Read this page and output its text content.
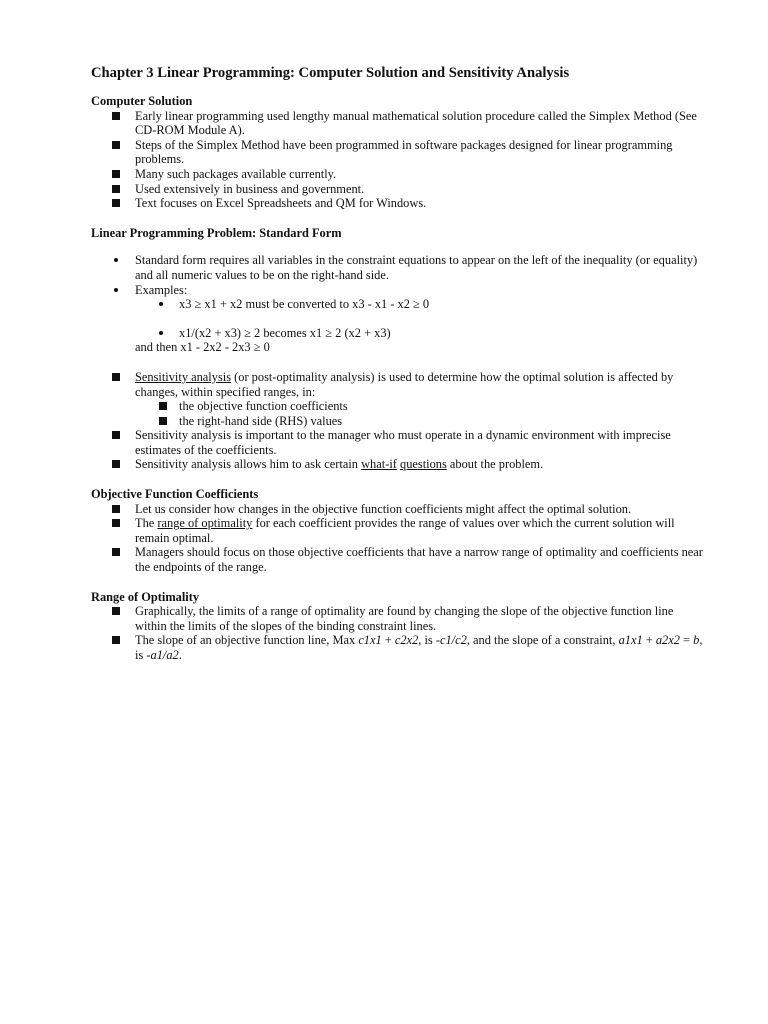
Chapter 3 Linear Programming: Computer Solution and Sensitivity Analysis
Computer Solution
Early linear programming used lengthy manual mathematical solution procedure called the Simplex Method (See CD-ROM Module A).
Steps of the Simplex Method have been programmed in software packages designed for linear programming problems.
Many such packages available currently.
Used extensively in business and government.
Text focuses on Excel Spreadsheets and QM for Windows.
Linear Programming Problem: Standard Form
Standard form requires all variables in the constraint equations to appear on the left of the inequality (or equality) and all numeric values to be on the right-hand side.
Examples:
x3 ≥ x1 + x2 must be converted to x3 - x1 - x2 ≥ 0
x1/(x2 + x3) ≥ 2 becomes x1 ≥ 2 (x2 + x3)
and then x1 - 2x2 - 2x3 ≥ 0
Sensitivity analysis (or post-optimality analysis) is used to determine how the optimal solution is affected by changes, within specified ranges, in:
the objective function coefficients
the right-hand side (RHS) values
Sensitivity analysis is important to the manager who must operate in a dynamic environment with imprecise estimates of the coefficients.
Sensitivity analysis allows him to ask certain what-if questions about the problem.
Objective Function Coefficients
Let us consider how changes in the objective function coefficients might affect the optimal solution.
The range of optimality for each coefficient provides the range of values over which the current solution will remain optimal.
Managers should focus on those objective coefficients that have a narrow range of optimality and coefficients near the endpoints of the range.
Range of Optimality
Graphically, the limits of a range of optimality are found by changing the slope of the objective function line within the limits of the slopes of the binding constraint lines.
The slope of an objective function line, Max c1x1 + c2x2, is -c1/c2, and the slope of a constraint, a1x1 + a2x2 = b, is -a1/a2.
